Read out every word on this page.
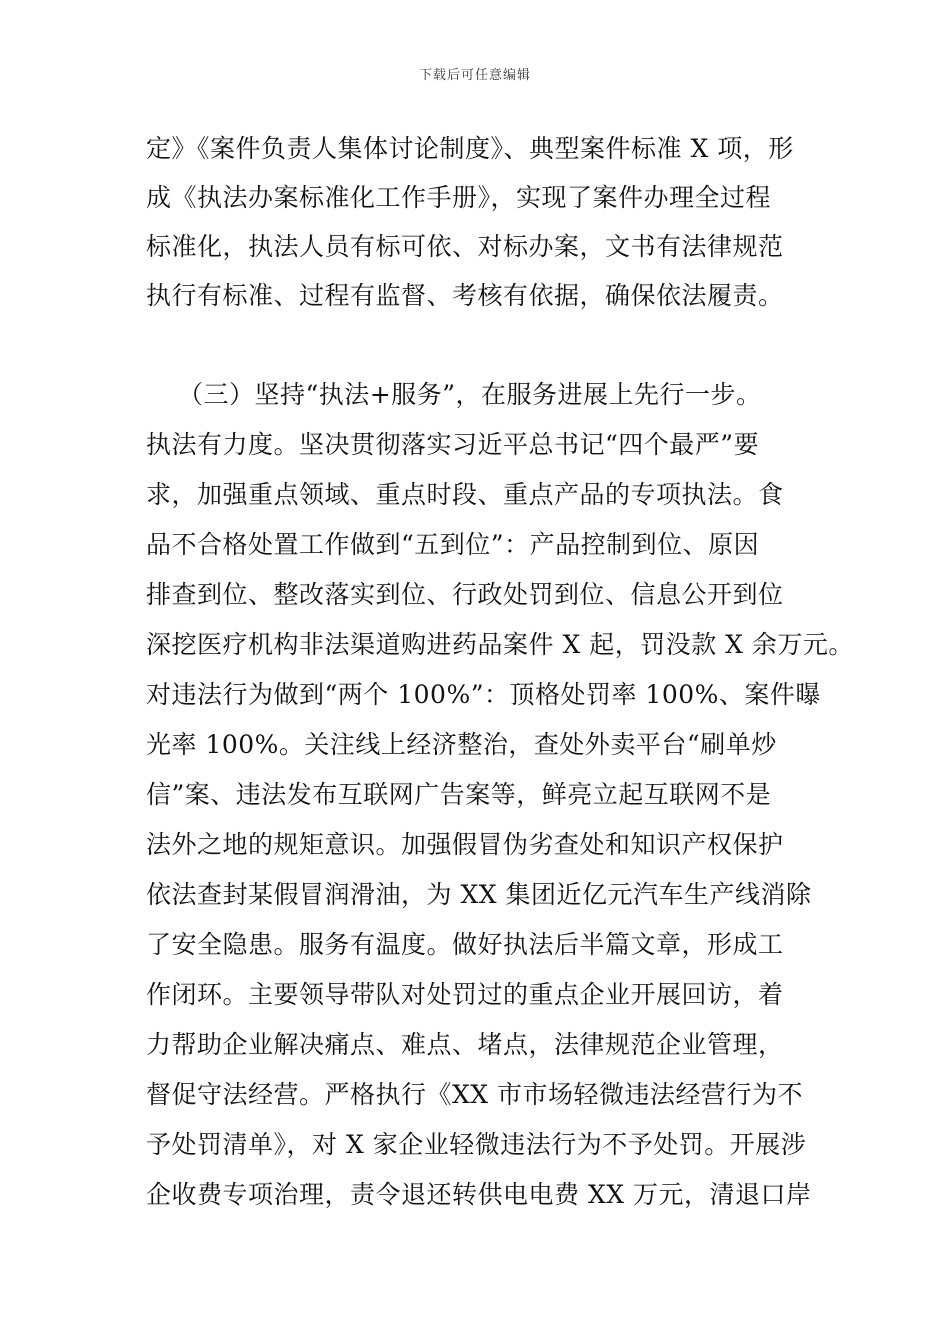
下载后可任意编辑
定》《案件负责人集体讨论制度》、典型案件标准 X 项，形
成《执法办案标准化工作手册》，实现了案件办理全过程
标准化，执法人员有标可依、对标办案，文书有法律规范
执行有标准、过程有监督、考核有依据，确保依法履责。
（三）坚持“执法+服务”，在服务进展上先行一步。
执法有力度。坚决贯彻落实习近平总书记“四个最严”要
求，加强重点领域、重点时段、重点产品的专项执法。食
品不合格处置工作做到“五到位”：产品控制到位、原因
排查到位、整改落实到位、行政处罚到位、信息公开到位
深挖医疗机构非法渠道购进药品案件 X 起，罚没款 X 余万元。
对违法行为做到“两个 100%”：顶格处罚率 100%、案件曝
光率 100%。关注线上经济整治，查处外卖平台“刷单炒
信”案、违法发布互联网广告案等，鲜亮立起互联网不是
法外之地的规矩意识。加强假冒伪劣查处和知识产权保护
依法查封某假冒润滑油，为 XX 集团近亿元汽车生产线消除
了安全隐患。服务有温度。做好执法后半篇文章，形成工
作闭环。主要领导带队对处罚过的重点企业开展回访，着
力帮助企业解决痛点、难点、堵点，法律规范企业管理，
督促守法经营。严格执行《XX 市市场轻微违法经营行为不
予处罚清单》，对 X 家企业轻微违法行为不予处罚。开展涉
企收费专项治理，责令退还转供电电费 XX 万元，清退口岸
